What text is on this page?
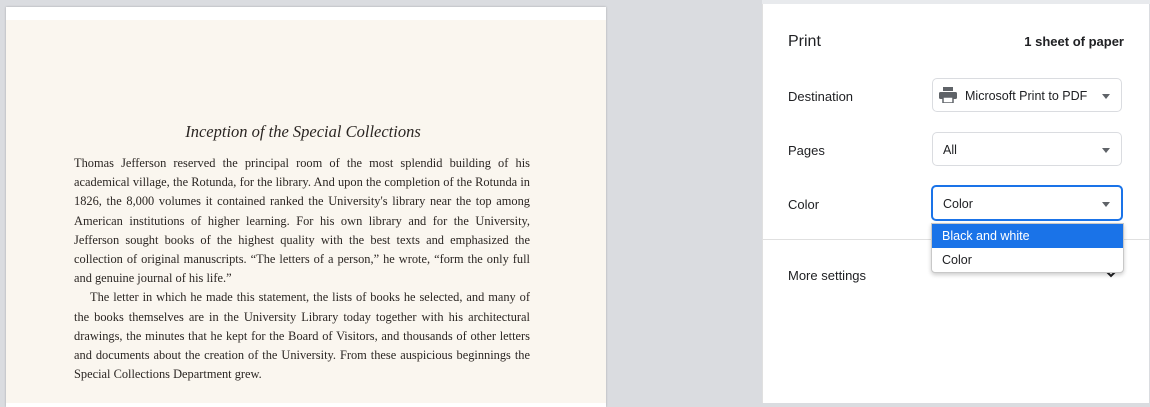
Inception of the Special Collections

Thomas Jefferson reserved the principal room of the most splendid building of his academical village, the Rotunda, for the library. And upon the completion of the Rotunda in 1826, the 8,000 volumes it contained ranked the University's library near the top among American institutions of higher learning. For his own library and for the University, Jefferson sought books of the highest quality with the best texts and emphasized the collection of original manuscripts. “The letters of a person,” he wrote, “form the only full and genuine journal of his life.”

The letter in which he made this statement, the lists of books he selected, and many of the books themselves are in the University Library today together with his architectural drawings, the minutes that he kept for the Board of Visitors, and thousands of other letters and documents about the creation of the University. From these auspicious beginnings the Special Collections Department grew.

Print	1 sheet of paper
Destination	Microsoft Print to PDF
Pages	All
Color	Color
More settings
Black and white
Color
